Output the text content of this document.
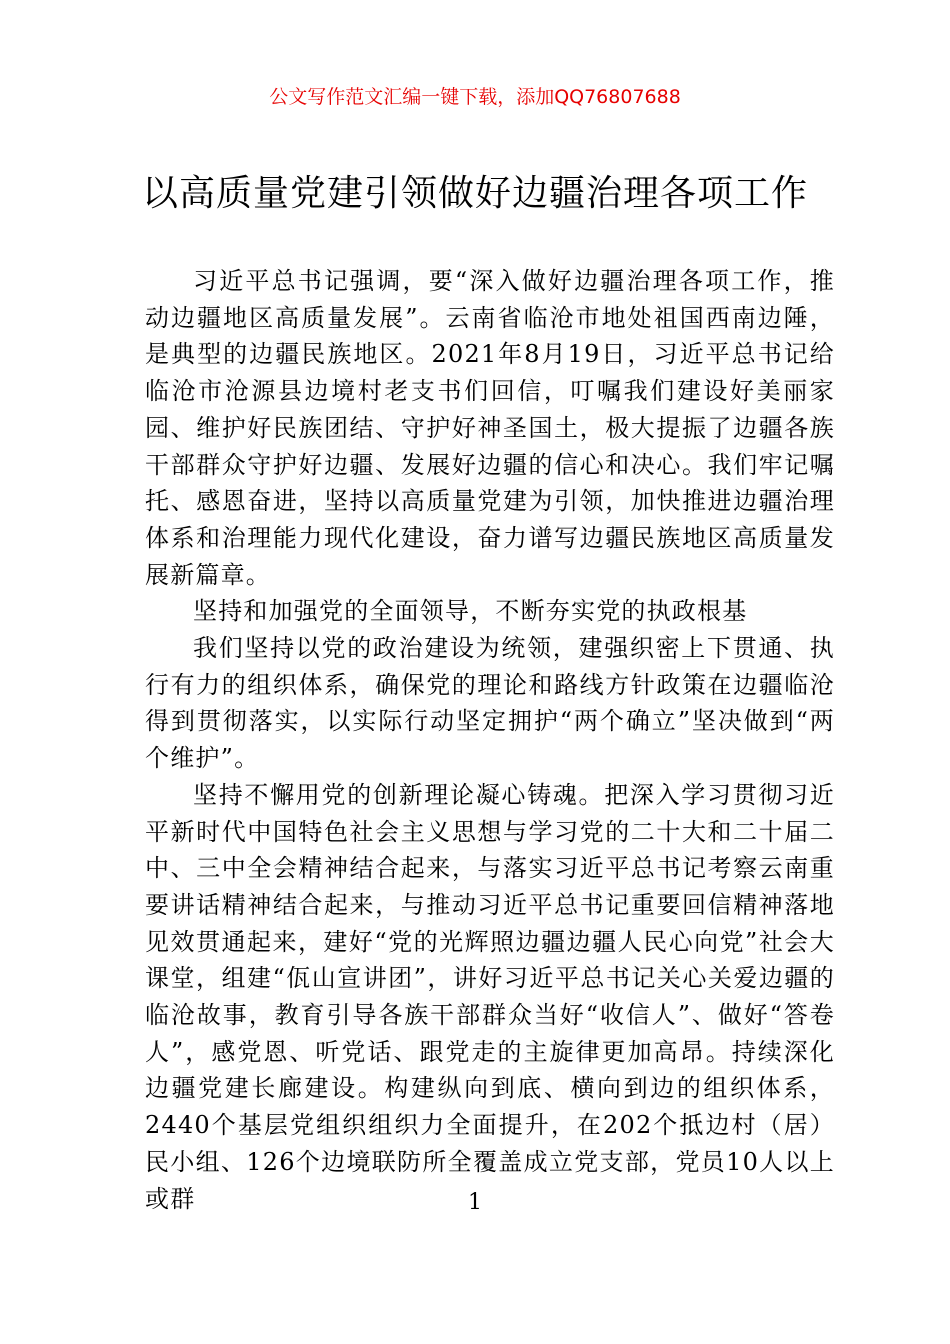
公文写作范文汇编一键下载，添加QQ76807688
以高质量党建引领做好边疆治理各项工作

习近平总书记强调，要“深入做好边疆治理各项工作，推动边疆地区高质量发展”。云南省临沧市地处祖国西南边陲，是典型的边疆民族地区。2021年8月19日，习近平总书记给临沧市沧源县边境村老支书们回信，叮嘱我们建设好美丽家园、维护好民族团结、守护好神圣国土，极大提振了边疆各族干部群众守护好边疆、发展好边疆的信心和决心。我们牢记嘱托、感恩奋进，坚持以高质量党建为引领，加快推进边疆治理体系和治理能力现代化建设，奋力谱写边疆民族地区高质量发展新篇章。

坚持和加强党的全面领导，不断夯实党的执政根基

我们坚持以党的政治建设为统领，建强织密上下贯通、执行有力的组织体系，确保党的理论和路线方针政策在边疆临沧得到贯彻落实，以实际行动坚定拥护“两个确立”坚决做到“两个维护”。

坚持不懈用党的创新理论凝心铸魂。把深入学习贯彻习近平新时代中国特色社会主义思想与学习党的二十大和二十届二中、三中全会精神结合起来，与落实习近平总书记考察云南重要讲话精神结合起来，与推动习近平总书记重要回信精神落地见效贯通起来，建好“党的光辉照边疆边疆人民心向党”社会大课堂，组建“佤山宣讲团”，讲好习近平总书记关心关爱边疆的临沧故事，教育引导各族干部群众当好“收信人”、做好“答卷人”，感党恩、听党话、跟党走的主旋律更加高昂。持续深化边疆党建长廊建设。构建纵向到底、横向到边的组织体系，2440个基层党组织组织力全面提升，在202个抵边村（居）民小组、126个边境联防所全覆盖成立党支部，党员10人以上或群	1
